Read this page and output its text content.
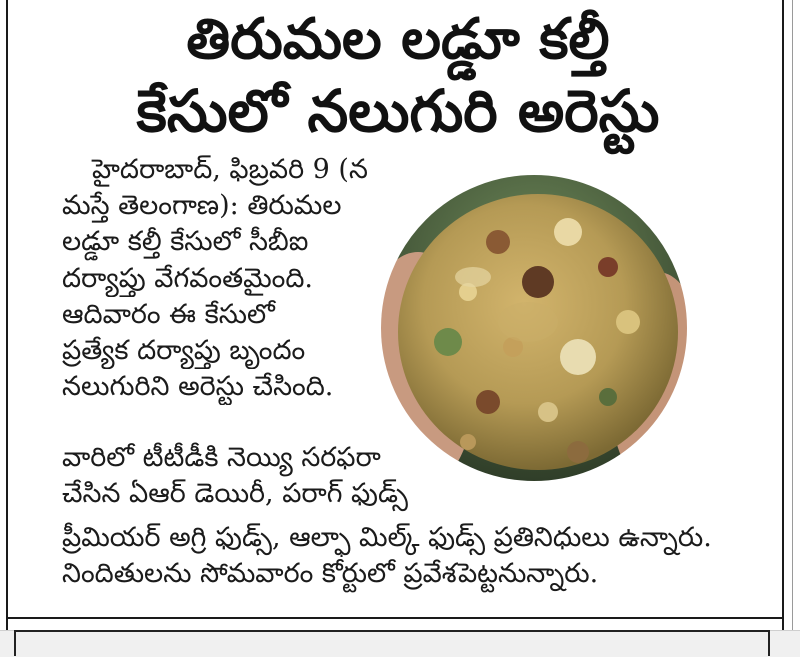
తిరుమల లడ్డూ కల్తీ
కేసులో నలుగురి అరెస్టు

హైదరాబాద్, ఫిబ్రవరి 9 (న
మస్తే తెలంగాణ): తిరుమల
లడ్డూ కల్తీ కేసులో సీబీఐ
దర్యాప్తు వేగవంతమైంది.
ఆదివారం ఈ కేసులో
ప్రత్యేక దర్యాప్తు బృందం
నలుగురిని అరెస్టు చేసింది.

వారిలో టీటీడీకి నెయ్యి సరఫరా
చేసిన ఏఆర్ డెయిరీ, పరాగ్ ఫుడ్స్

ప్రీమియర్ అగ్రి ఫుడ్స్, ఆల్ఫా మిల్క్ ఫుడ్స్ ప్రతినిధులు ఉన్నారు.
నిందితులను సోమవారం కోర్టులో ప్రవేశపెట్టనున్నారు.
